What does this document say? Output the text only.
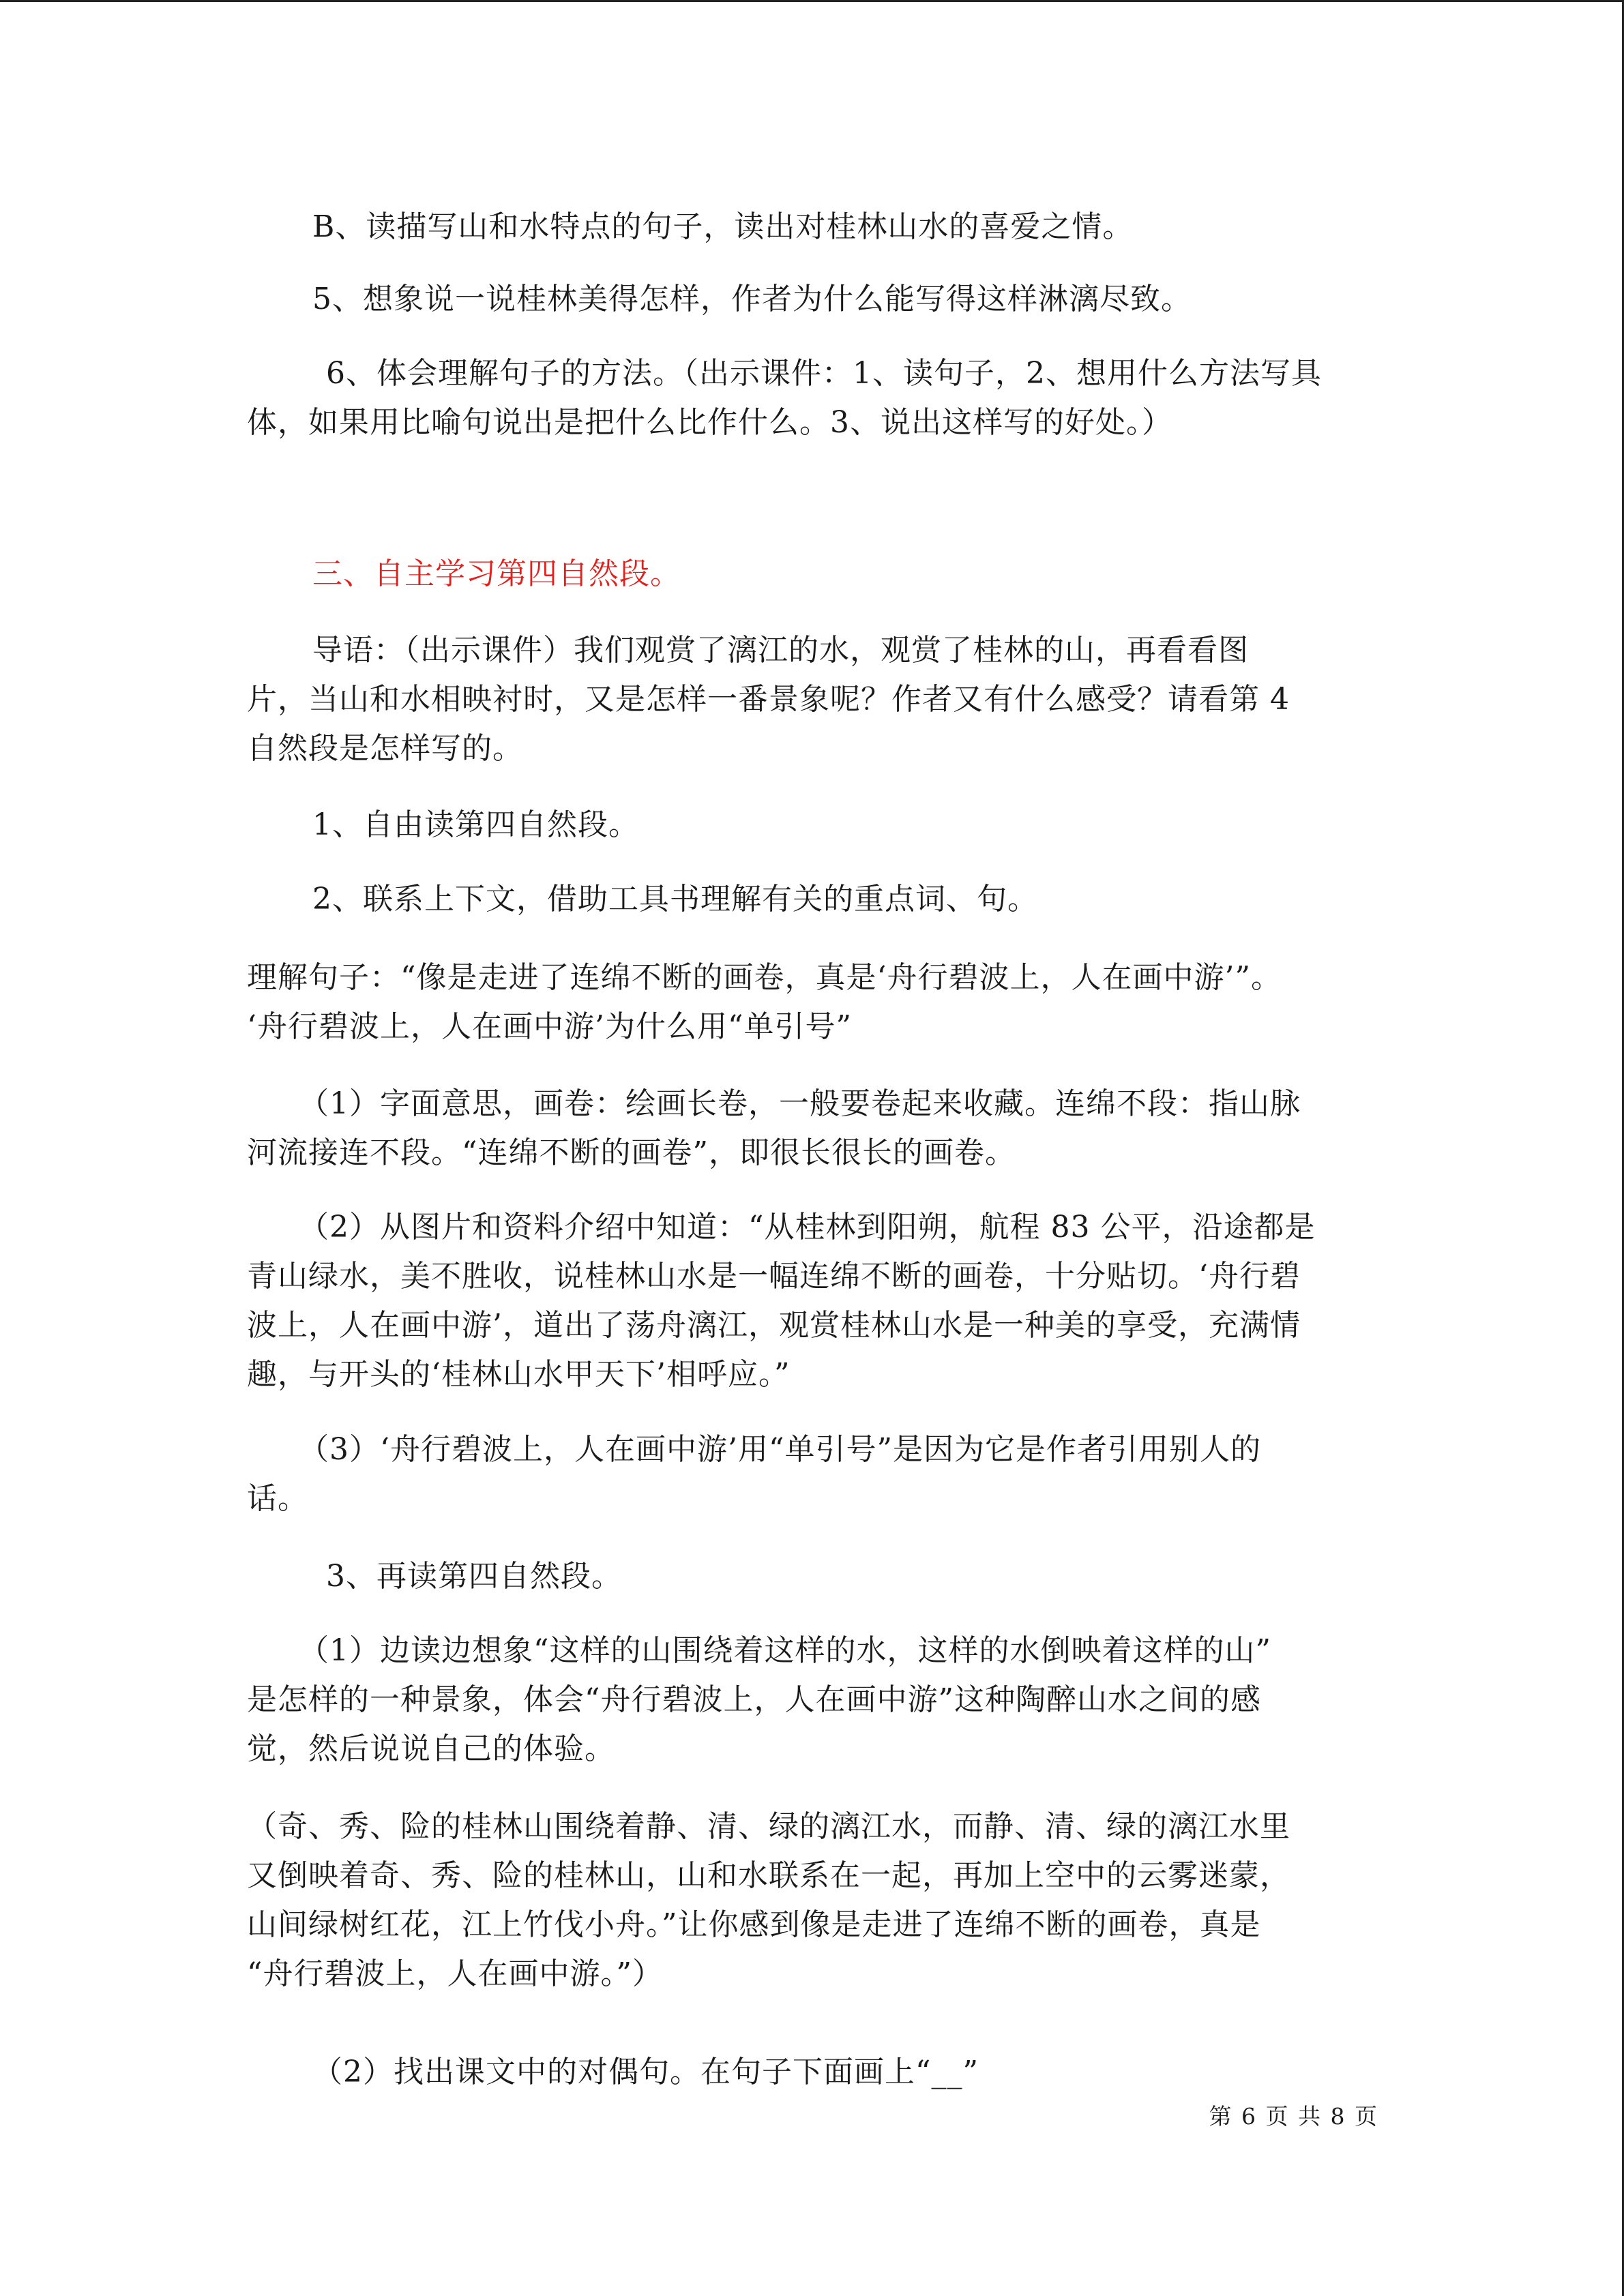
B、读描写山和水特点的句子，读出对桂林山水的喜爱之情。
5、想象说一说桂林美得怎样，作者为什么能写得这样淋漓尽致。
6、体会理解句子的方法。（出示课件：1、读句子，2、想用什么方法写具
体，如果用比喻句说出是把什么比作什么。3、说出这样写的好处。）
三、自主学习第四自然段。
导语：（出示课件）我们观赏了漓江的水，观赏了桂林的山，再看看图
片，当山和水相映衬时，又是怎样一番景象呢？作者又有什么感受？请看第 4
自然段是怎样写的。
1、自由读第四自然段。
2、联系上下文，借助工具书理解有关的重点词、句。
理解句子：“像是走进了连绵不断的画卷，真是‘舟行碧波上，人在画中游’”。
‘舟行碧波上，人在画中游’为什么用“单引号”
（1）字面意思，画卷：绘画长卷，一般要卷起来收藏。连绵不段：指山脉
河流接连不段。“连绵不断的画卷”，即很长很长的画卷。
（2）从图片和资料介绍中知道：“从桂林到阳朔，航程 83 公平，沿途都是
青山绿水，美不胜收，说桂林山水是一幅连绵不断的画卷，十分贴切。‘舟行碧
波上，人在画中游’，道出了荡舟漓江，观赏桂林山水是一种美的享受，充满情
趣，与开头的‘桂林山水甲天下’相呼应。”
（3）‘舟行碧波上，人在画中游’用“单引号”是因为它是作者引用别人的
话。
3、再读第四自然段。
（1）边读边想象“这样的山围绕着这样的水，这样的水倒映着这样的山”
是怎样的一种景象，体会“舟行碧波上，人在画中游”这种陶醉山水之间的感
觉，然后说说自己的体验。
（奇、秀、险的桂林山围绕着静、清、绿的漓江水，而静、清、绿的漓江水里
又倒映着奇、秀、险的桂林山，山和水联系在一起，再加上空中的云雾迷蒙，
山间绿树红花，江上竹伐小舟。”让你感到像是走进了连绵不断的画卷，真是
“舟行碧波上，人在画中游。”）
（2）找出课文中的对偶句。在句子下面画上“__”
第 6 页 共 8 页
